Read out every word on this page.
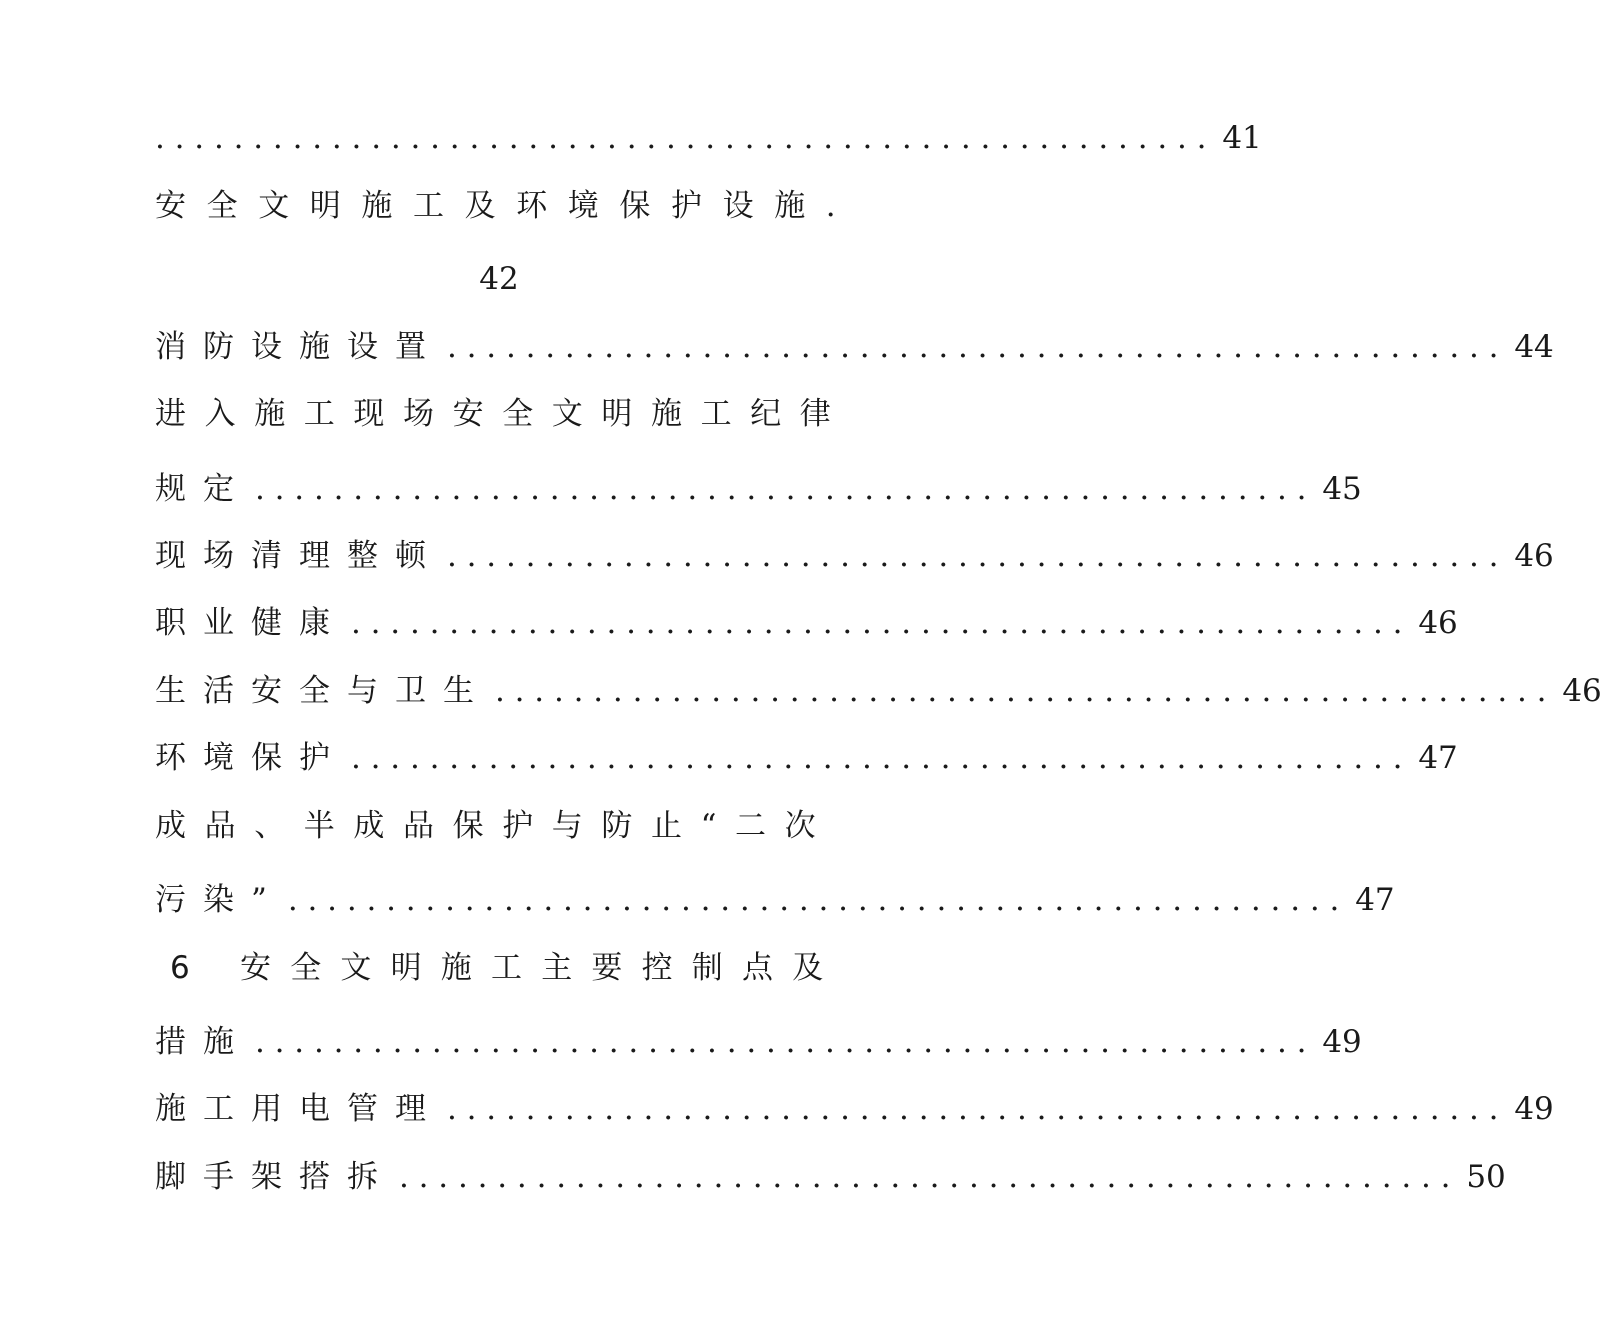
...................................................... 41
安全文明施工及环境保护设施.
42
消防设施设置 ...................................................... 44
进入施工现场安全文明施工纪律
规定 ...................................................... 45
现场清理整顿 ...................................................... 46
职业健康 ...................................................... 46
生活安全与卫生 ...................................................... 46
环境保护 ...................................................... 47
成品、半成品保护与防止“二次
污染” ...................................................... 47
6 安全文明施工主要控制点及
措施 ...................................................... 49
施工用电管理 ...................................................... 49
脚手架搭拆 ...................................................... 50
